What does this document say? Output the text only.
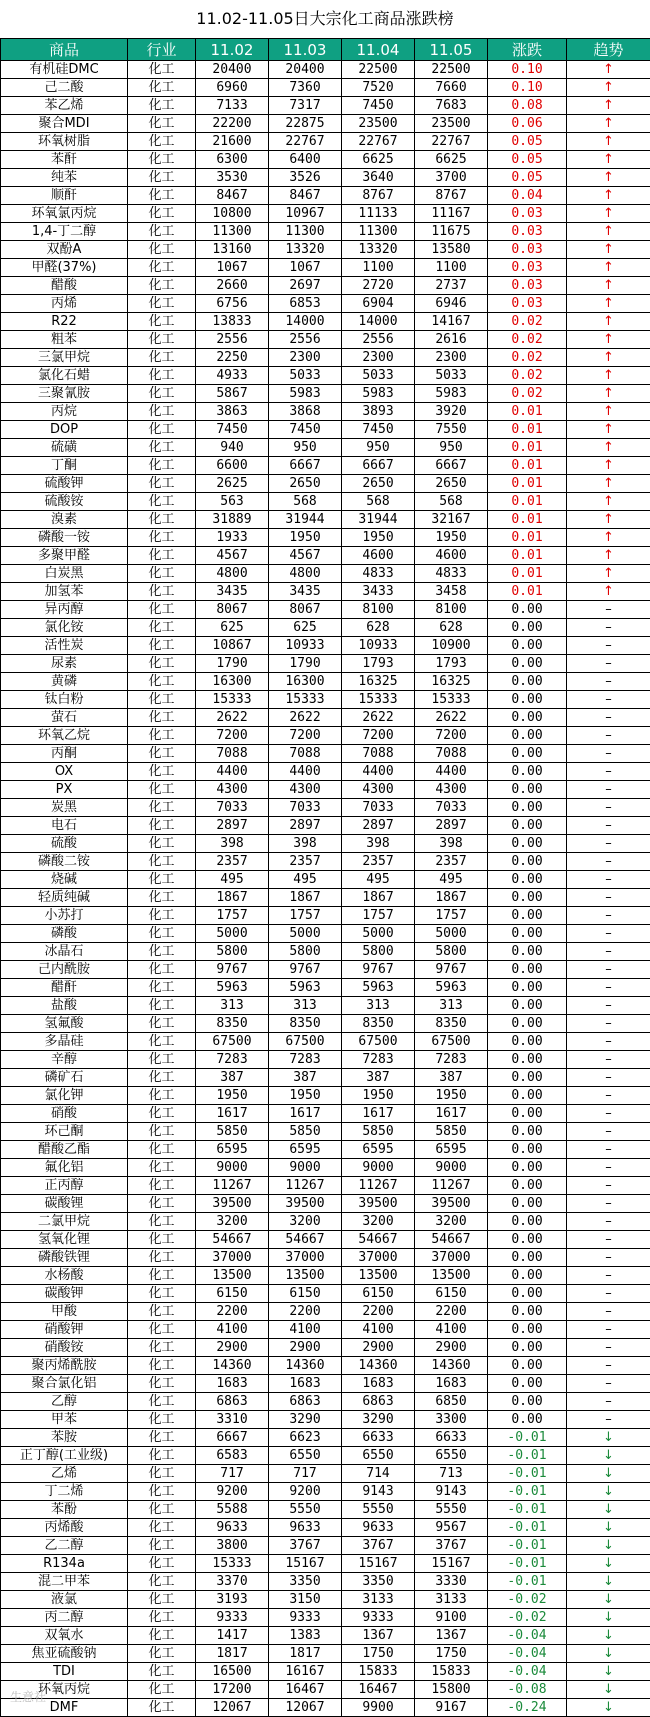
11.02-11.05日大宗化工商品涨跌榜
商品	行业	11.02	11.03	11.04	11.05	涨跌	趋势
有机硅DMC	化工	20400	20400	22500	22500	0.10	↑
己二酸	化工	6960	7360	7520	7660	0.10	↑
苯乙烯	化工	7133	7317	7450	7683	0.08	↑
聚合MDI	化工	22200	22875	23500	23500	0.06	↑
环氧树脂	化工	21600	22767	22767	22767	0.05	↑
苯酐	化工	6300	6400	6625	6625	0.05	↑
纯苯	化工	3530	3526	3640	3700	0.05	↑
顺酐	化工	8467	8467	8767	8767	0.04	↑
环氧氯丙烷	化工	10800	10967	11133	11167	0.03	↑
1,4-丁二醇	化工	11300	11300	11300	11675	0.03	↑
双酚A	化工	13160	13320	13320	13580	0.03	↑
甲醛(37%)	化工	1067	1067	1100	1100	0.03	↑
醋酸	化工	2660	2697	2720	2737	0.03	↑
丙烯	化工	6756	6853	6904	6946	0.03	↑
R22	化工	13833	14000	14000	14167	0.02	↑
粗苯	化工	2556	2556	2556	2616	0.02	↑
三氯甲烷	化工	2250	2300	2300	2300	0.02	↑
氯化石蜡	化工	4933	5033	5033	5033	0.02	↑
三聚氰胺	化工	5867	5983	5983	5983	0.02	↑
丙烷	化工	3863	3868	3893	3920	0.01	↑
DOP	化工	7450	7450	7450	7550	0.01	↑
硫磺	化工	940	950	950	950	0.01	↑
丁酮	化工	6600	6667	6667	6667	0.01	↑
硫酸钾	化工	2625	2650	2650	2650	0.01	↑
硫酸铵	化工	563	568	568	568	0.01	↑
溴素	化工	31889	31944	31944	32167	0.01	↑
磷酸一铵	化工	1933	1950	1950	1950	0.01	↑
多聚甲醛	化工	4567	4567	4600	4600	0.01	↑
白炭黑	化工	4800	4800	4833	4833	0.01	↑
加氢苯	化工	3435	3435	3433	3458	0.01	↑
异丙醇	化工	8067	8067	8100	8100	0.00	–
氯化铵	化工	625	625	628	628	0.00	–
活性炭	化工	10867	10933	10933	10900	0.00	–
尿素	化工	1790	1790	1793	1793	0.00	–
黄磷	化工	16300	16300	16325	16325	0.00	–
钛白粉	化工	15333	15333	15333	15333	0.00	–
萤石	化工	2622	2622	2622	2622	0.00	–
环氧乙烷	化工	7200	7200	7200	7200	0.00	–
丙酮	化工	7088	7088	7088	7088	0.00	–
OX	化工	4400	4400	4400	4400	0.00	–
PX	化工	4300	4300	4300	4300	0.00	–
炭黑	化工	7033	7033	7033	7033	0.00	–
电石	化工	2897	2897	2897	2897	0.00	–
硫酸	化工	398	398	398	398	0.00	–
磷酸二铵	化工	2357	2357	2357	2357	0.00	–
烧碱	化工	495	495	495	495	0.00	–
轻质纯碱	化工	1867	1867	1867	1867	0.00	–
小苏打	化工	1757	1757	1757	1757	0.00	–
磷酸	化工	5000	5000	5000	5000	0.00	–
冰晶石	化工	5800	5800	5800	5800	0.00	–
己内酰胺	化工	9767	9767	9767	9767	0.00	–
醋酐	化工	5963	5963	5963	5963	0.00	–
盐酸	化工	313	313	313	313	0.00	–
氢氟酸	化工	8350	8350	8350	8350	0.00	–
多晶硅	化工	67500	67500	67500	67500	0.00	–
辛醇	化工	7283	7283	7283	7283	0.00	–
磷矿石	化工	387	387	387	387	0.00	–
氯化钾	化工	1950	1950	1950	1950	0.00	–
硝酸	化工	1617	1617	1617	1617	0.00	–
环己酮	化工	5850	5850	5850	5850	0.00	–
醋酸乙酯	化工	6595	6595	6595	6595	0.00	–
氟化铝	化工	9000	9000	9000	9000	0.00	–
正丙醇	化工	11267	11267	11267	11267	0.00	–
碳酸锂	化工	39500	39500	39500	39500	0.00	–
二氯甲烷	化工	3200	3200	3200	3200	0.00	–
氢氧化锂	化工	54667	54667	54667	54667	0.00	–
磷酸铁锂	化工	37000	37000	37000	37000	0.00	–
水杨酸	化工	13500	13500	13500	13500	0.00	–
碳酸钾	化工	6150	6150	6150	6150	0.00	–
甲酸	化工	2200	2200	2200	2200	0.00	–
硝酸钾	化工	4100	4100	4100	4100	0.00	–
硝酸铵	化工	2900	2900	2900	2900	0.00	–
聚丙烯酰胺	化工	14360	14360	14360	14360	0.00	–
聚合氯化铝	化工	1683	1683	1683	1683	0.00	–
乙醇	化工	6863	6863	6863	6850	0.00	–
甲苯	化工	3310	3290	3290	3300	0.00	–
苯胺	化工	6667	6623	6633	6633	-0.01	↓
正丁醇(工业级)	化工	6583	6550	6550	6550	-0.01	↓
乙烯	化工	717	717	714	713	-0.01	↓
丁二烯	化工	9200	9200	9143	9143	-0.01	↓
苯酚	化工	5588	5550	5550	5550	-0.01	↓
丙烯酸	化工	9633	9633	9633	9567	-0.01	↓
乙二醇	化工	3800	3767	3767	3767	-0.01	↓
R134a	化工	15333	15167	15167	15167	-0.01	↓
混二甲苯	化工	3370	3350	3350	3330	-0.01	↓
液氯	化工	3193	3150	3133	3133	-0.02	↓
丙二醇	化工	9333	9333	9333	9100	-0.02	↓
双氧水	化工	1417	1383	1367	1367	-0.04	↓
焦亚硫酸钠	化工	1817	1817	1750	1750	-0.04	↓
TDI	化工	16500	16167	15833	15833	-0.04	↓
环氧丙烷	化工	17200	16467	16467	15800	-0.08	↓
DMF	化工	12067	12067	9900	9167	-0.24	↓
生意社
